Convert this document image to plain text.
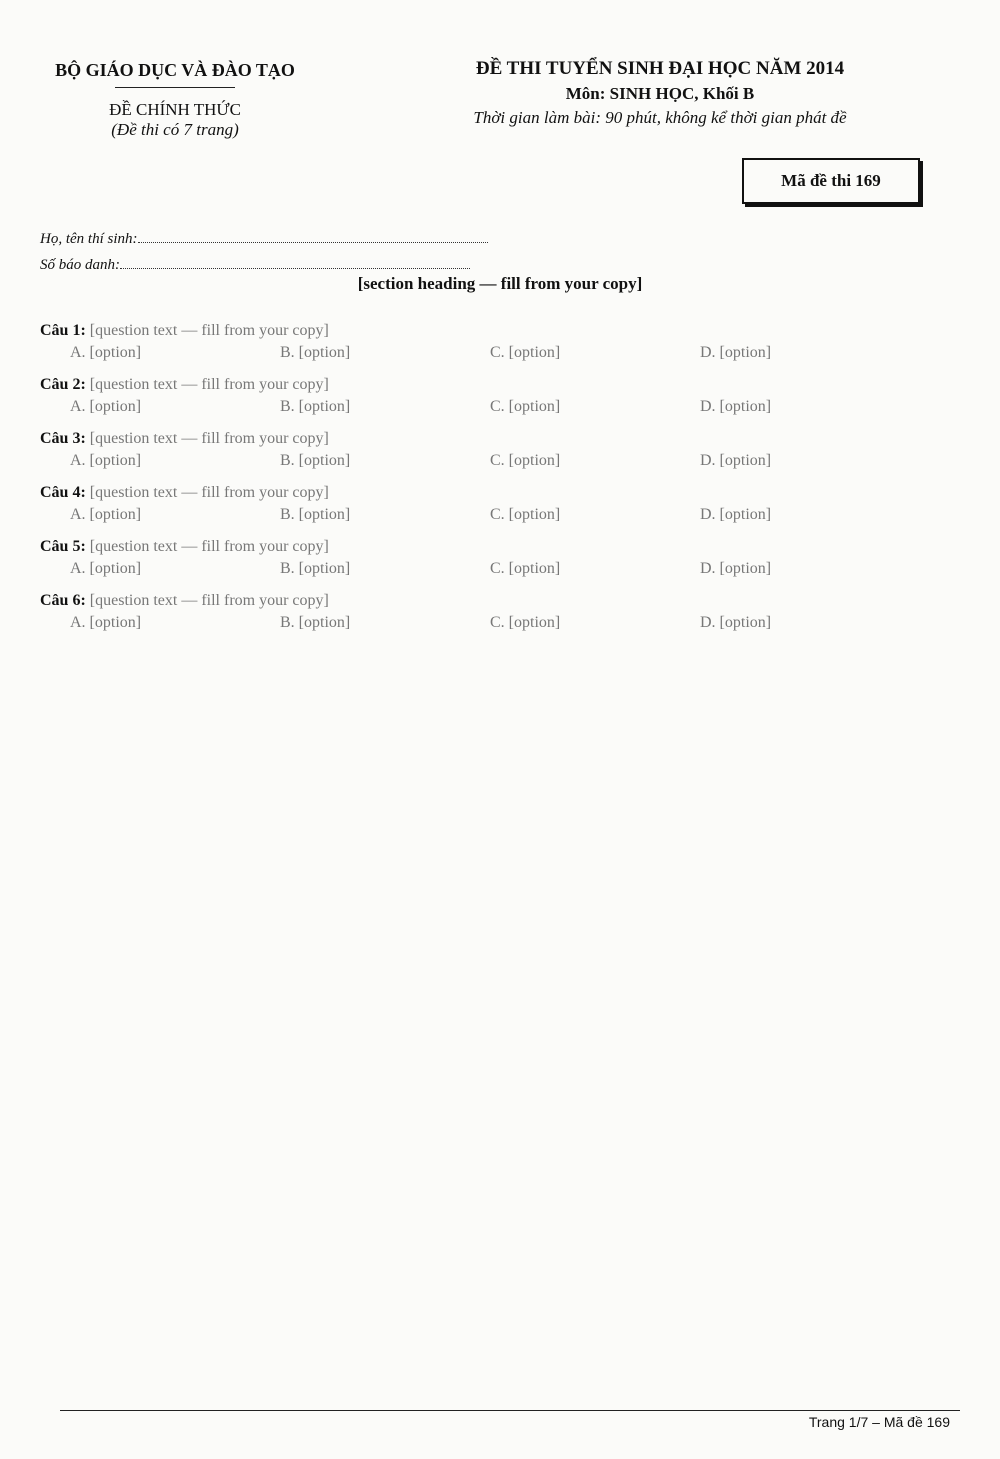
BỘ GIÁO DỤC VÀ ĐÀO TẠO
ĐỀ CHÍNH THỨC
(Đề thi có 7 trang)
ĐỀ THI TUYỂN SINH ĐẠI HỌC NĂM 2014
Môn: SINH HỌC, Khối B
Thời gian làm bài: 90 phút, không kể thời gian phát đề
Mã đề thi 169
Họ, tên thí sinh:
Số báo danh:
[section heading — fill from your copy]
Câu 1: [question text — fill from your copy]
A. [option]	B. [option]	C. [option]	D. [option]
Câu 2: [question text — fill from your copy]
A. [option]	B. [option]	C. [option]	D. [option]
Câu 3: [question text — fill from your copy]
A. [option]	B. [option]	C. [option]	D. [option]
Câu 4: [question text — fill from your copy]
A. [option]	B. [option]	C. [option]	D. [option]
Câu 5: [question text — fill from your copy]
A. [option]	B. [option]	C. [option]	D. [option]
Câu 6: [question text — fill from your copy]
A. [option]	B. [option]	C. [option]	D. [option]
Trang 1/7 – Mã đề 169
